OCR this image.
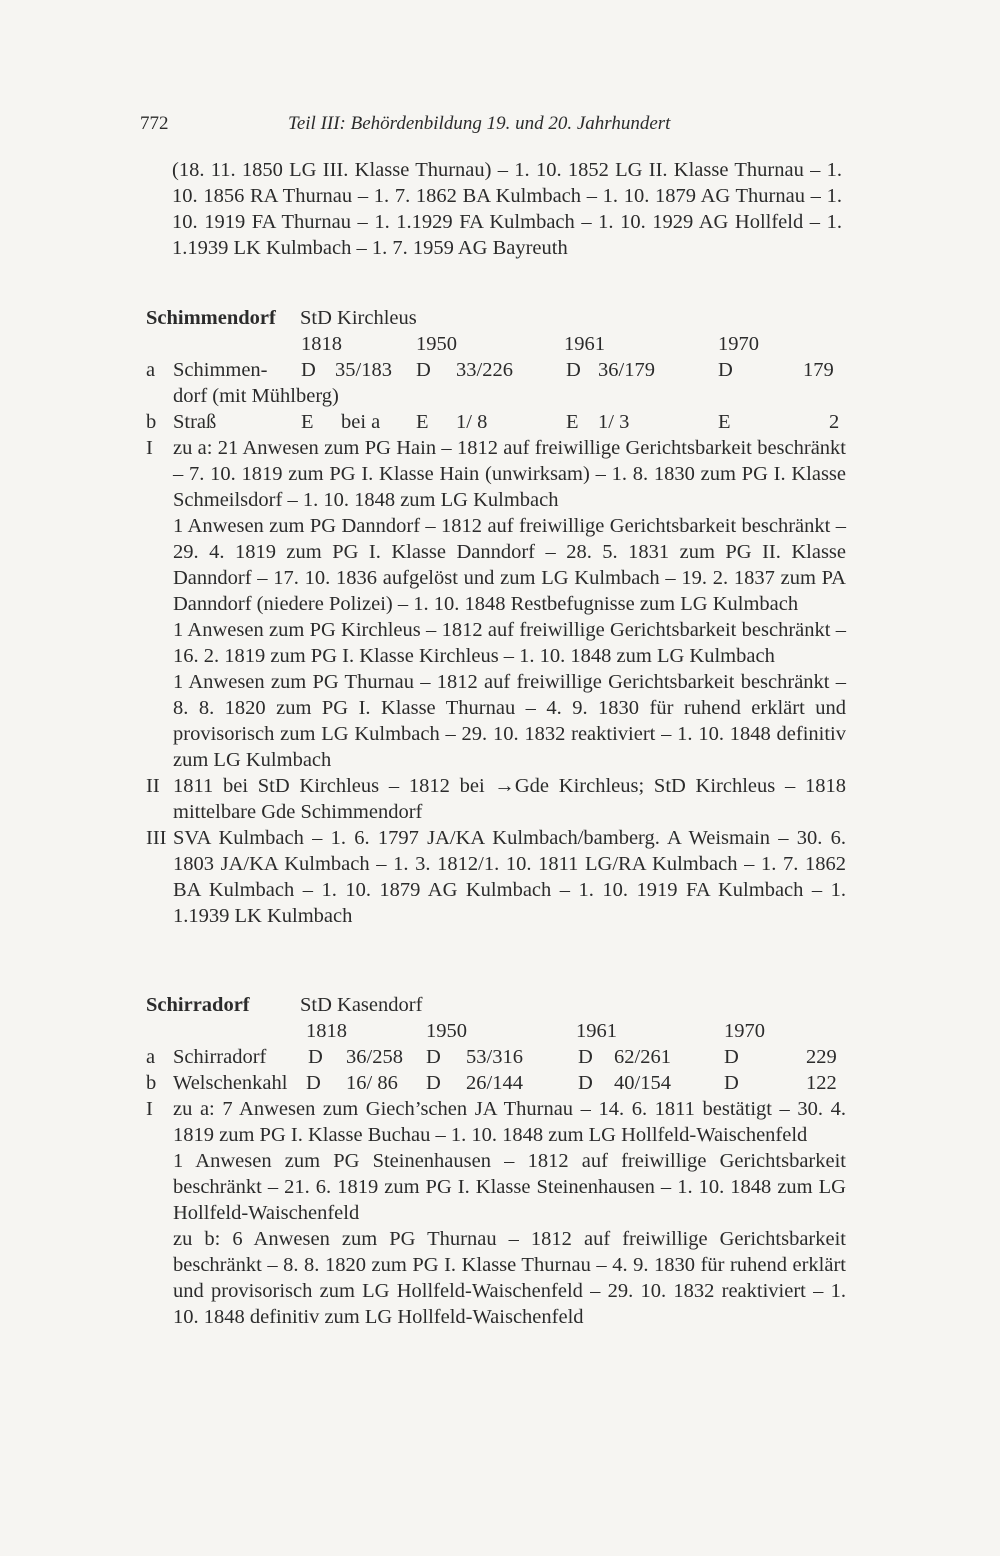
772	Teil III: Behördenbildung 19. und 20. Jahrhundert
(18. 11. 1850 LG III. Klasse Thurnau) – 1. 10. 1852 LG II. Klasse Thurnau – 1. 10. 1856 RA Thurnau – 1. 7. 1862 BA Kulmbach – 1. 10. 1879 AG Thurnau – 1. 10. 1919 FA Thurnau – 1. 1.1929 FA Kulmbach – 1. 10. 1929 AG Hollfeld – 1. 1.1939 LK Kulmbach – 1. 7. 1959 AG Bayreuth
Schimmendorf StD Kirchleus
1818	1950	1961	1970
a Schimmen- D 35/183 D 33/226	D 36/179	D	179
dorf (mit Mühlberg)
b Straß	E bei a E 1/ 8	E 1/ 3	E	2
I zu a: 21 Anwesen zum PG Hain – 1812 auf freiwillige Gerichtsbarkeit beschränkt – 7. 10. 1819 zum PG I. Klasse Hain (unwirksam) – 1. 8. 1830 zum PG I. Klasse Schmeilsdorf – 1. 10. 1848 zum LG Kulmbach
1 Anwesen zum PG Danndorf – 1812 auf freiwillige Gerichtsbarkeit beschränkt – 29. 4. 1819 zum PG I. Klasse Danndorf – 28. 5. 1831 zum PG II. Klasse Danndorf – 17. 10. 1836 aufgelöst und zum LG Kulmbach – 19. 2. 1837 zum PA Danndorf (niedere Polizei) – 1. 10. 1848 Restbefugnisse zum LG Kulmbach
1 Anwesen zum PG Kirchleus – 1812 auf freiwillige Gerichtsbarkeit beschränkt – 16. 2. 1819 zum PG I. Klasse Kirchleus – 1. 10. 1848 zum LG Kulmbach
1 Anwesen zum PG Thurnau – 1812 auf freiwillige Gerichtsbarkeit beschränkt – 8. 8. 1820 zum PG I. Klasse Thurnau – 4. 9. 1830 für ruhend erklärt und provisorisch zum LG Kulmbach – 29. 10. 1832 reaktiviert – 1. 10. 1848 definitiv zum LG Kulmbach
II 1811 bei StD Kirchleus – 1812 bei →Gde Kirchleus; StD Kirchleus – 1818 mittelbare Gde Schimmendorf
III SVA Kulmbach – 1. 6. 1797 JA/KA Kulmbach/bamberg. A Weismain – 30. 6. 1803 JA/KA Kulmbach – 1. 3. 1812/1. 10. 1811 LG/RA Kulmbach – 1. 7. 1862 BA Kulmbach – 1. 10. 1879 AG Kulmbach – 1. 10. 1919 FA Kulmbach – 1. 1.1939 LK Kulmbach
Schirradorf StD Kasendorf
1818	1950	1961	1970
a Schirradorf D 36/258 D 53/316	D 62/261	D	229
b Welschenkahl D 16/ 86 D 26/144	D 40/154	D	122
I zu a: 7 Anwesen zum Giech’schen JA Thurnau – 14. 6. 1811 bestätigt – 30. 4. 1819 zum PG I. Klasse Buchau – 1. 10. 1848 zum LG Hollfeld-Waischenfeld
1 Anwesen zum PG Steinenhausen – 1812 auf freiwillige Gerichtsbarkeit beschränkt – 21. 6. 1819 zum PG I. Klasse Steinenhausen – 1. 10. 1848 zum LG Hollfeld-Waischenfeld
zu b: 6 Anwesen zum PG Thurnau – 1812 auf freiwillige Gerichtsbarkeit beschränkt – 8. 8. 1820 zum PG I. Klasse Thurnau – 4. 9. 1830 für ruhend erklärt und provisorisch zum LG Hollfeld-Waischenfeld – 29. 10. 1832 reaktiviert – 1. 10. 1848 definitiv zum LG Hollfeld-Waischenfeld
